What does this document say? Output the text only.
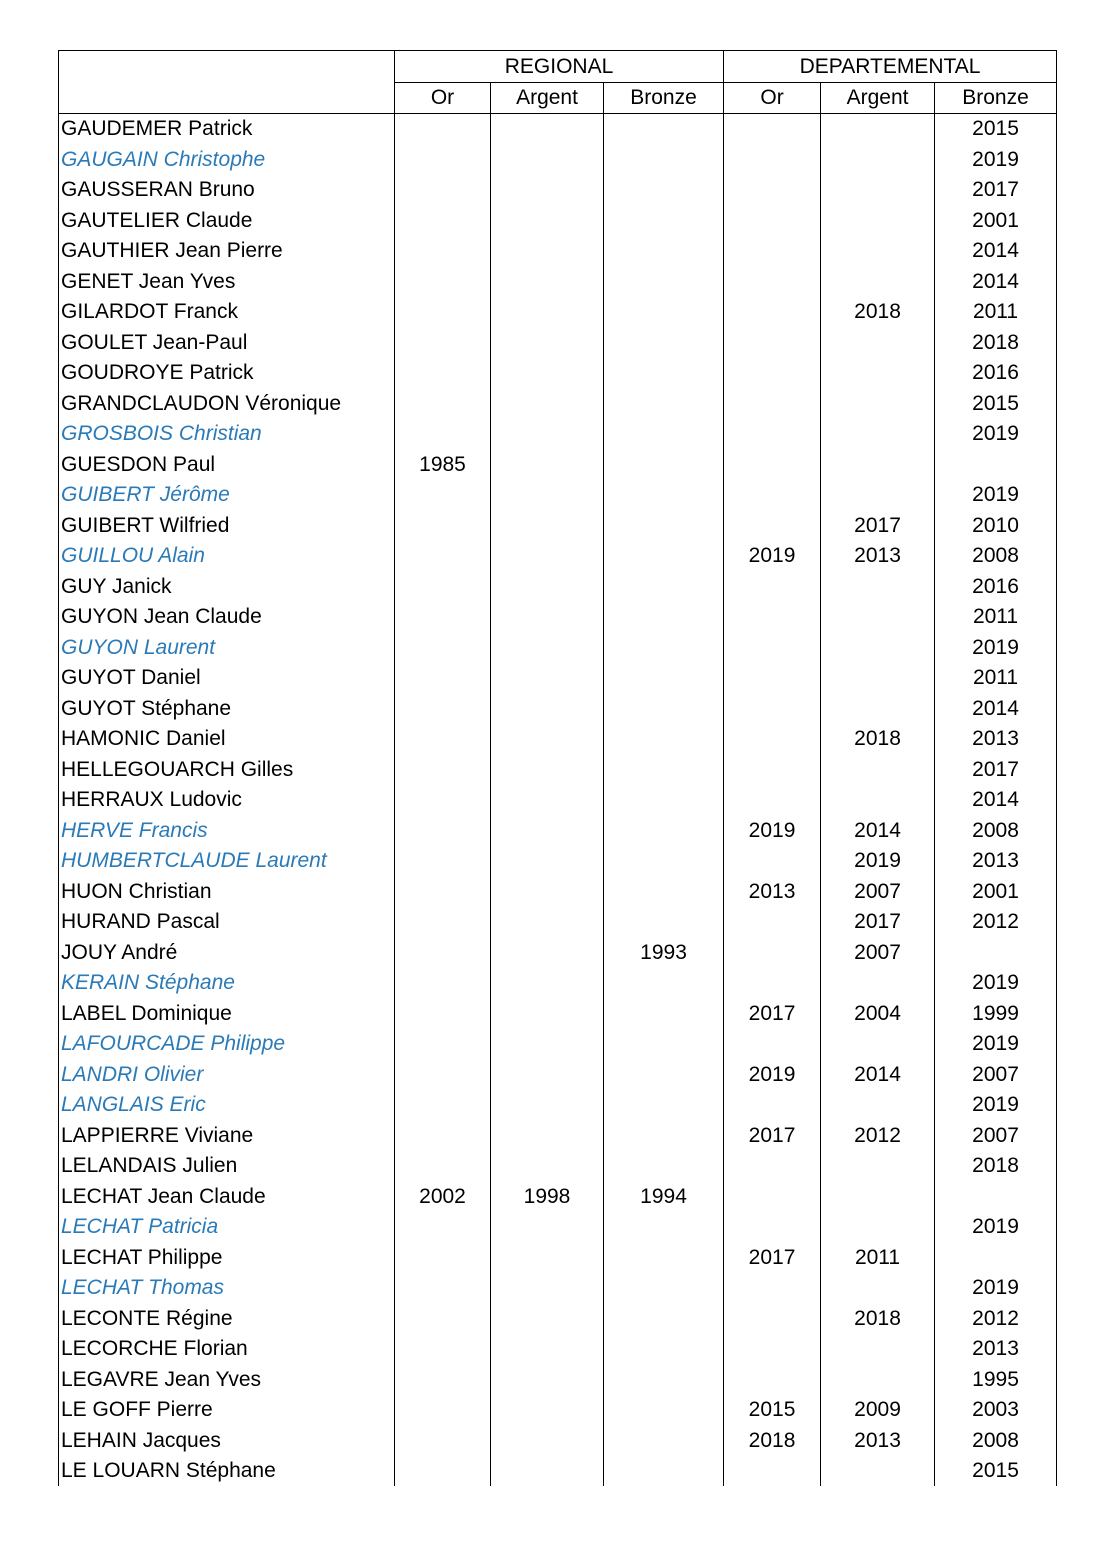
	REGIONAL			DEPARTEMENTAL		
	Or	Argent	Bronze	Or	Argent	Bronze
GAUDEMER Patrick						2015
GAUGAIN Christophe						2019
GAUSSERAN Bruno						2017
GAUTELIER Claude						2001
GAUTHIER Jean Pierre						2014
GENET Jean Yves						2014
GILARDOT Franck					2018	2011
GOULET Jean-Paul						2018
GOUDROYE Patrick						2016
GRANDCLAUDON Véronique						2015
GROSBOIS Christian						2019
GUESDON Paul	1985					
GUIBERT Jérôme						2019
GUIBERT Wilfried					2017	2010
GUILLOU Alain				2019	2013	2008
GUY Janick						2016
GUYON Jean Claude						2011
GUYON Laurent						2019
GUYOT Daniel						2011
GUYOT Stéphane						2014
HAMONIC Daniel					2018	2013
HELLEGOUARCH Gilles						2017
HERRAUX Ludovic						2014
HERVE Francis				2019	2014	2008
HUMBERTCLAUDE Laurent					2019	2013
HUON Christian				2013	2007	2001
HURAND Pascal					2017	2012
JOUY André			1993		2007	
KERAIN Stéphane						2019
LABEL Dominique				2017	2004	1999
LAFOURCADE Philippe						2019
LANDRI Olivier				2019	2014	2007
LANGLAIS Eric						2019
LAPPIERRE Viviane				2017	2012	2007
LELANDAIS Julien						2018
LECHAT Jean Claude	2002	1998	1994			
LECHAT Patricia						2019
LECHAT Philippe				2017	2011	
LECHAT Thomas						2019
LECONTE Régine					2018	2012
LECORCHE Florian						2013
LEGAVRE Jean Yves						1995
LE GOFF Pierre				2015	2009	2003
LEHAIN Jacques				2018	2013	2008
LE LOUARN Stéphane						2015
